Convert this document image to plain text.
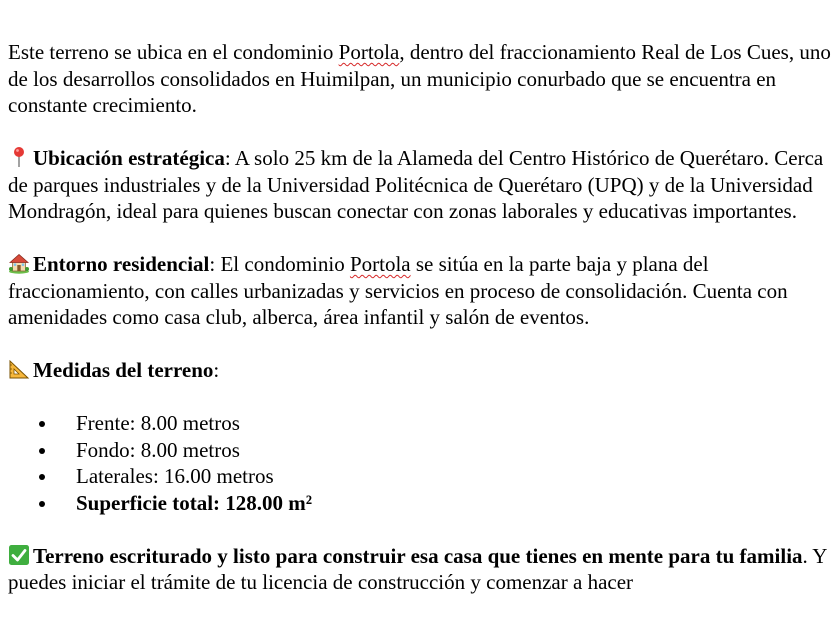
Este terreno se ubica en el condominio Portola, dentro del fraccionamiento Real de Los Cues, uno de los desarrollos consolidados en Huimilpan, un municipio conurbado que se encuentra en constante crecimiento.

Ubicación estratégica: A solo 25 km de la Alameda del Centro Histórico de Querétaro. Cerca de parques industriales y de la Universidad Politécnica de Querétaro (UPQ) y de la Universidad Mondragón, ideal para quienes buscan conectar con zonas laborales y educativas importantes.

Entorno residencial: El condominio Portola se sitúa en la parte baja y plana del fraccionamiento, con calles urbanizadas y servicios en proceso de consolidación. Cuenta con amenidades como casa club, alberca, área infantil y salón de eventos.

Medidas del terreno:

Frente: 8.00 metros
Fondo: 8.00 metros
Laterales: 16.00 metros
Superficie total: 128.00 m²

Terreno escriturado y listo para construir esa casa que tienes en mente para tu familia. Y puedes iniciar el trámite de tu licencia de construcción y comenzar a hacer
